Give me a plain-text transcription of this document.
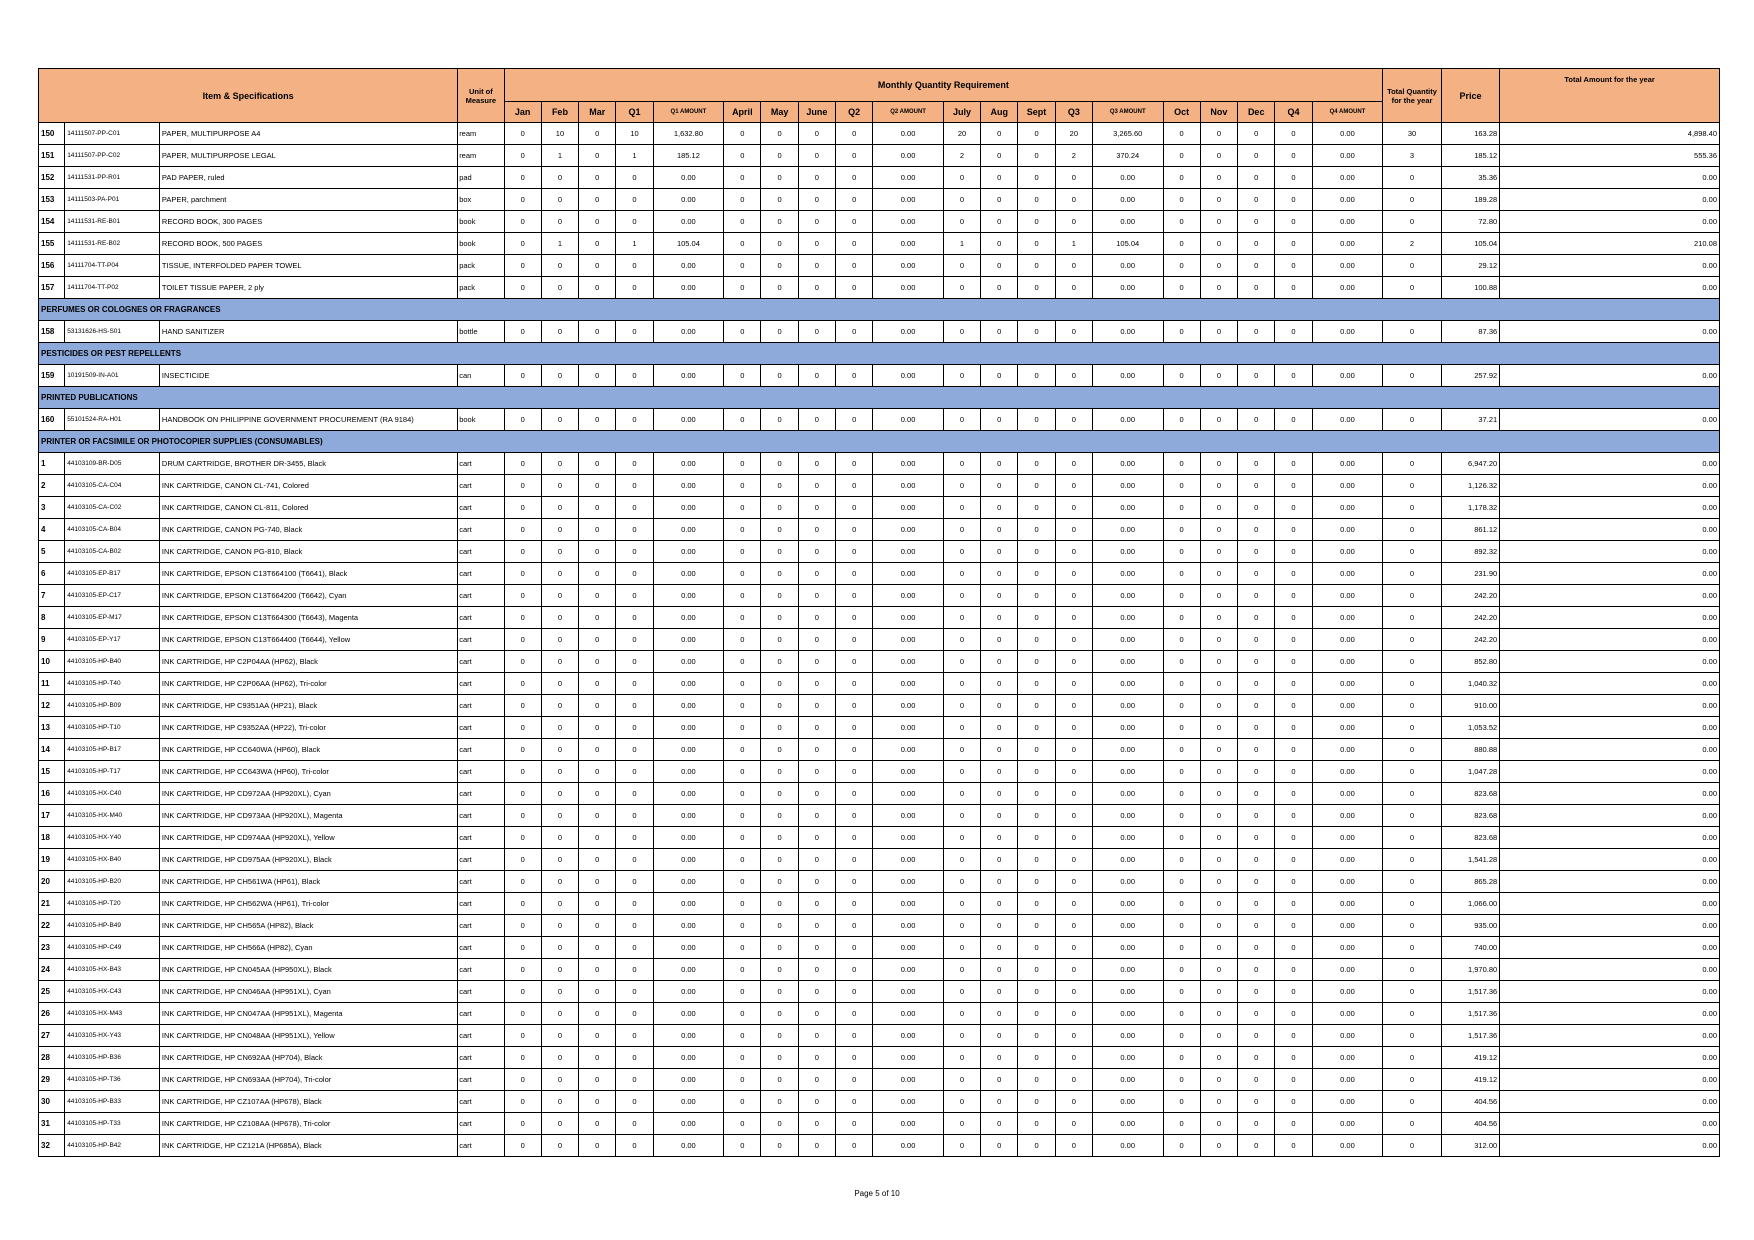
Item & Specifications			Unit of Measure	Monthly Quantity Requirement																				Total Quantity for the year	Price	Total Amount for the year
				Jan	Feb	Mar	Q1	Q1 AMOUNT	April	May	June	Q2	Q2 AMOUNT	July	Aug	Sept	Q3	Q3 AMOUNT	Oct	Nov	Dec	Q4	Q4 AMOUNT			
150	14111507-PP-C01	PAPER, MULTIPURPOSE A4	ream	0	10	0	10	1,632.80	0	0	0	0	0.00	20	0	0	20	3,265.60	0	0	0	0	0.00	30	163.28	4,898.40
151	14111507-PP-C02	PAPER, MULTIPURPOSE LEGAL	ream	0	1	0	1	185.12	0	0	0	0	0.00	2	0	0	2	370.24	0	0	0	0	0.00	3	185.12	555.36
152	14111531-PP-R01	PAD PAPER, ruled	pad	0	0	0	0	0.00	0	0	0	0	0.00	0	0	0	0	0.00	0	0	0	0	0.00	0	35.36	0.00
153	14111503-PA-P01	PAPER, parchment	box	0	0	0	0	0.00	0	0	0	0	0.00	0	0	0	0	0.00	0	0	0	0	0.00	0	189.28	0.00
154	14111531-RE-B01	RECORD BOOK, 300 PAGES	book	0	0	0	0	0.00	0	0	0	0	0.00	0	0	0	0	0.00	0	0	0	0	0.00	0	72.80	0.00
155	14111531-RE-B02	RECORD BOOK, 500 PAGES	book	0	1	0	1	105.04	0	0	0	0	0.00	1	0	0	1	105.04	0	0	0	0	0.00	2	105.04	210.08
156	14111704-TT-P04	TISSUE, INTERFOLDED PAPER TOWEL	pack	0	0	0	0	0.00	0	0	0	0	0.00	0	0	0	0	0.00	0	0	0	0	0.00	0	29.12	0.00
157	14111704-TT-P02	TOILET TISSUE PAPER, 2 ply	pack	0	0	0	0	0.00	0	0	0	0	0.00	0	0	0	0	0.00	0	0	0	0	0.00	0	100.88	0.00
PERFUMES OR COLOGNES OR FRAGRANCES																										
158	53131626-HS-S01	HAND SANITIZER	bottle	0	0	0	0	0.00	0	0	0	0	0.00	0	0	0	0	0.00	0	0	0	0	0.00	0	87.36	0.00
PESTICIDES OR PEST REPELLENTS																										
159	10191509-IN-A01	INSECTICIDE	can	0	0	0	0	0.00	0	0	0	0	0.00	0	0	0	0	0.00	0	0	0	0	0.00	0	257.92	0.00
PRINTED PUBLICATIONS																										
160	55101524-RA-H01	HANDBOOK ON PHILIPPINE GOVERNMENT PROCUREMENT (RA 9184)	book	0	0	0	0	0.00	0	0	0	0	0.00	0	0	0	0	0.00	0	0	0	0	0.00	0	37.21	0.00
PRINTER OR FACSIMILE OR PHOTOCOPIER SUPPLIES (CONSUMABLES)																										
1	44103109-BR-D05	DRUM CARTRIDGE, BROTHER DR-3455, Black	cart	0	0	0	0	0.00	0	0	0	0	0.00	0	0	0	0	0.00	0	0	0	0	0.00	0	6,947.20	0.00
2	44103105-CA-C04	INK CARTRIDGE, CANON CL-741, Colored	cart	0	0	0	0	0.00	0	0	0	0	0.00	0	0	0	0	0.00	0	0	0	0	0.00	0	1,126.32	0.00
3	44103105-CA-C02	INK CARTRIDGE, CANON CL-811, Colored	cart	0	0	0	0	0.00	0	0	0	0	0.00	0	0	0	0	0.00	0	0	0	0	0.00	0	1,178.32	0.00
4	44103105-CA-B04	INK CARTRIDGE, CANON PG-740, Black	cart	0	0	0	0	0.00	0	0	0	0	0.00	0	0	0	0	0.00	0	0	0	0	0.00	0	861.12	0.00
5	44103105-CA-B02	INK CARTRIDGE, CANON PG-810, Black	cart	0	0	0	0	0.00	0	0	0	0	0.00	0	0	0	0	0.00	0	0	0	0	0.00	0	892.32	0.00
6	44103105-EP-B17	INK CARTRIDGE, EPSON C13T664100 (T6641), Black	cart	0	0	0	0	0.00	0	0	0	0	0.00	0	0	0	0	0.00	0	0	0	0	0.00	0	231.90	0.00
7	44103105-EP-C17	INK CARTRIDGE, EPSON C13T664200 (T6642), Cyan	cart	0	0	0	0	0.00	0	0	0	0	0.00	0	0	0	0	0.00	0	0	0	0	0.00	0	242.20	0.00
8	44103105-EP-M17	INK CARTRIDGE, EPSON C13T664300 (T6643), Magenta	cart	0	0	0	0	0.00	0	0	0	0	0.00	0	0	0	0	0.00	0	0	0	0	0.00	0	242.20	0.00
9	44103105-EP-Y17	INK CARTRIDGE, EPSON C13T664400 (T6644), Yellow	cart	0	0	0	0	0.00	0	0	0	0	0.00	0	0	0	0	0.00	0	0	0	0	0.00	0	242.20	0.00
10	44103105-HP-B40	INK CARTRIDGE, HP C2P04AA (HP62), Black	cart	0	0	0	0	0.00	0	0	0	0	0.00	0	0	0	0	0.00	0	0	0	0	0.00	0	852.80	0.00
11	44103105-HP-T40	INK CARTRIDGE, HP C2P06AA (HP62), Tri-color	cart	0	0	0	0	0.00	0	0	0	0	0.00	0	0	0	0	0.00	0	0	0	0	0.00	0	1,040.32	0.00
12	44103105-HP-B09	INK CARTRIDGE, HP C9351AA (HP21), Black	cart	0	0	0	0	0.00	0	0	0	0	0.00	0	0	0	0	0.00	0	0	0	0	0.00	0	910.00	0.00
13	44103105-HP-T10	INK CARTRIDGE, HP C9352AA (HP22), Tri-color	cart	0	0	0	0	0.00	0	0	0	0	0.00	0	0	0	0	0.00	0	0	0	0	0.00	0	1,053.52	0.00
14	44103105-HP-B17	INK CARTRIDGE, HP CC640WA (HP60), Black	cart	0	0	0	0	0.00	0	0	0	0	0.00	0	0	0	0	0.00	0	0	0	0	0.00	0	880.88	0.00
15	44103105-HP-T17	INK CARTRIDGE, HP CC643WA (HP60), Tri-color	cart	0	0	0	0	0.00	0	0	0	0	0.00	0	0	0	0	0.00	0	0	0	0	0.00	0	1,047.28	0.00
16	44103105-HX-C40	INK CARTRIDGE, HP CD972AA (HP920XL), Cyan	cart	0	0	0	0	0.00	0	0	0	0	0.00	0	0	0	0	0.00	0	0	0	0	0.00	0	823.68	0.00
17	44103105-HX-M40	INK CARTRIDGE, HP CD973AA (HP920XL), Magenta	cart	0	0	0	0	0.00	0	0	0	0	0.00	0	0	0	0	0.00	0	0	0	0	0.00	0	823.68	0.00
18	44103105-HX-Y40	INK CARTRIDGE, HP CD974AA (HP920XL), Yellow	cart	0	0	0	0	0.00	0	0	0	0	0.00	0	0	0	0	0.00	0	0	0	0	0.00	0	823.68	0.00
19	44103105-HX-B40	INK CARTRIDGE, HP CD975AA (HP920XL), Black	cart	0	0	0	0	0.00	0	0	0	0	0.00	0	0	0	0	0.00	0	0	0	0	0.00	0	1,541.28	0.00
20	44103105-HP-B20	INK CARTRIDGE, HP CH561WA (HP61), Black	cart	0	0	0	0	0.00	0	0	0	0	0.00	0	0	0	0	0.00	0	0	0	0	0.00	0	865.28	0.00
21	44103105-HP-T20	INK CARTRIDGE, HP CH562WA (HP61), Tri-color	cart	0	0	0	0	0.00	0	0	0	0	0.00	0	0	0	0	0.00	0	0	0	0	0.00	0	1,066.00	0.00
22	44103105-HP-B49	INK CARTRIDGE, HP CH565A (HP82), Black	cart	0	0	0	0	0.00	0	0	0	0	0.00	0	0	0	0	0.00	0	0	0	0	0.00	0	935.00	0.00
23	44103105-HP-C49	INK CARTRIDGE, HP CH566A (HP82), Cyan	cart	0	0	0	0	0.00	0	0	0	0	0.00	0	0	0	0	0.00	0	0	0	0	0.00	0	740.00	0.00
24	44103105-HX-B43	INK CARTRIDGE, HP CN045AA (HP950XL), Black	cart	0	0	0	0	0.00	0	0	0	0	0.00	0	0	0	0	0.00	0	0	0	0	0.00	0	1,970.80	0.00
25	44103105-HX-C43	INK CARTRIDGE, HP CN046AA (HP951XL), Cyan	cart	0	0	0	0	0.00	0	0	0	0	0.00	0	0	0	0	0.00	0	0	0	0	0.00	0	1,517.36	0.00
26	44103105-HX-M43	INK CARTRIDGE, HP CN047AA (HP951XL), Magenta	cart	0	0	0	0	0.00	0	0	0	0	0.00	0	0	0	0	0.00	0	0	0	0	0.00	0	1,517.36	0.00
27	44103105-HX-Y43	INK CARTRIDGE, HP CN048AA (HP951XL), Yellow	cart	0	0	0	0	0.00	0	0	0	0	0.00	0	0	0	0	0.00	0	0	0	0	0.00	0	1,517.36	0.00
28	44103105-HP-B36	INK CARTRIDGE, HP CN692AA (HP704), Black	cart	0	0	0	0	0.00	0	0	0	0	0.00	0	0	0	0	0.00	0	0	0	0	0.00	0	419.12	0.00
29	44103105-HP-T36	INK CARTRIDGE, HP CN693AA (HP704), Tri-color	cart	0	0	0	0	0.00	0	0	0	0	0.00	0	0	0	0	0.00	0	0	0	0	0.00	0	419.12	0.00
30	44103105-HP-B33	INK CARTRIDGE, HP CZ107AA (HP678), Black	cart	0	0	0	0	0.00	0	0	0	0	0.00	0	0	0	0	0.00	0	0	0	0	0.00	0	404.56	0.00
31	44103105-HP-T33	INK CARTRIDGE, HP CZ108AA (HP678), Tri-color	cart	0	0	0	0	0.00	0	0	0	0	0.00	0	0	0	0	0.00	0	0	0	0	0.00	0	404.56	0.00
32	44103105-HP-B42	INK CARTRIDGE, HP CZ121A (HP685A), Black	cart	0	0	0	0	0.00	0	0	0	0	0.00	0	0	0	0	0.00	0	0	0	0	0.00	0	312.00	0.00
Page 5 of 10
